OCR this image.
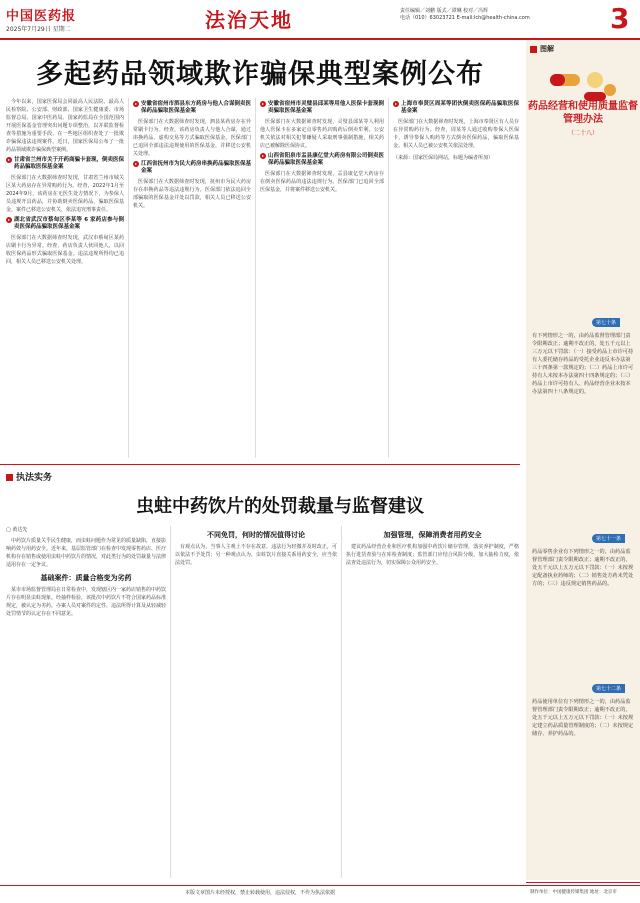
中国医药报
2025年7月29日 星期二	法治天地	责任编辑／刘鹏 版式／谭琳 校对／冯辉
电话（010）63023721 E-mail:lch@health-china.com	3
多起药品领域欺诈骗保典型案例公布

今年以来，国家医保局会同最高人民法院、最高人民检察院、公安部、财政部、国家卫生健康委、市场监督总局、国家中医药局、国家药监局在全国范围内开展医保基金管理突出问题专项整治，以并联监督检查等措施为重要手段，在一些地区组织查处了一批欺诈骗保违法违规案件。近日，国家医保局公布了一批药品领域欺诈骗保典型案例。

▸ 甘肃省兰州市关于开药商骗卡套现，倒卖医保药品骗取医保基金案

医保部门在大数据筛查时发现，甘肃省兰州市城关区某大药房存在异常购药行为。经查，2022年1月至2024年9月，该药房在无医生处方情况下，为参保人员违规开具药品，并协助倒卖医保药品，骗取医保基金。案件已移送公安机关，依法追究刑事责任。

▸ 湖北省武汉市蔡甸区李某等 6 家药店参与倒卖医保药品骗取医保基金案

医保部门在大数据筛查时发现，武汉市蔡甸区某药店刷卡行为异常。经查，药店负责人伙同他人，以回收医保药品形式骗取医保基金。违法违规所得均已追回，相关人员已移送公安机关处理。

▸ 安徽省宿州市泗县东方药房与他人合谋倒卖医保药品骗取医保基金案

医保部门在大数据筛查时发现，泗县某药房存在异常刷卡行为。经查，该药房负责人与他人合谋，通过串换药品、虚构交易等方式骗取医保基金。医保部门已追回全部违法违规使用的医保基金，并移送公安机关处理。

▸ 江西省抚州市为民大药房串换药品骗取医保基金案

医保部门在大数据筛查时发现，抚州市为民大药房存在串换药品等违法违规行为。医保部门依法追回全部骗取的医保基金并处以罚款，相关人员已移送公安机关。

▸ 安徽省宿州市灵璧县邱某等用他人医保卡套现倒卖骗取医保基金案

医保部门在大数据筛查时发现，灵璧县邱某等人利用他人医保卡在多家定点零售药店购药后倒卖牟利。公安机关依法对相关犯罪嫌疑人采取刑事强制措施，相关药店已被解除医保协议。

▸ 山西省阳泉市盂县康亿堂大药房有限公司倒卖医保药品骗取医保基金案

医保部门在大数据筛查时发现，盂县康亿堂大药房存在倒卖医保药品的违法违规行为。医保部门已追回全部医保基金，并将案件移送公安机关。

▸ 上海市奉贤区周某等团伙倒卖医保药品骗取医保基金案

医保部门在大数据筛查时发现，上海市奉贤区有人员存在异常购药行为。经查，周某等人通过收购参保人医保卡、诱导参保人购药等方式倒卖医保药品，骗取医保基金。相关人员已被公安机关依法处理。

（来源：国家医保局网站，标题为编者所加）

执法实务
虫蛀中药饮片的处罚裁量与监督建议

▢ 黄达先

中药饮片质量关乎民生健康，而虫蛀问题作为常见的质量缺陷，直接影响药效与用药安全。近年来，基层监管部门在检查中发现零售药店、医疗机构存在销售或使用虫蛀中药饮片的情况，对此类行为的处罚裁量与法律适用存在一定争议。

基础案件：质量合格变为劣药

某市市场监督管理局在日常检查中，发现辖区内一家药店销售的中药饮片存在明显虫蛀现象。经抽样检验，该批次中药饮片不符合国家药品标准规定，被认定为劣药。办案人员对案件的定性、违法所得计算及从轻减轻处罚情节的认定存在不同意见。

不同免罚，何时的情况值得讨论

有观点认为，当事人主观上不存在故意，违法行为轻微并及时改正，可以依法不予处罚；另一种观点认为，虫蛀饮片直接关系用药安全，应当依法处罚。

加强管理，保障消费者用药安全

建议药品经营企业和医疗机构加强中药饮片储存管理，落实养护制度，严格执行进货查验与在库检查制度；监管部门应结合风险分级，加大抽检力度，依法查处违法行为，切实保障公众用药安全。

图解
药品经营和使用质量监督管理办法
（二十八）
第七十条

有下列情形之一的，由药品监督管理部门责令限期改正；逾期不改正的，处五千元以上三万元以下罚款：（一）接受药品上市许可持有人委托储存药品的受托企业违反本办法第三十四条第一款规定的；（二）药品上市许可持有人未按本办法第四十四条规定的；（三）药品上市许可持有人、药品经营企业未按本办法第四十八条规定的。

第七十一条

药品零售企业有下列情形之一的，由药品监督管理部门责令限期改正；逾期不改正的，处五千元以上五万元以下罚款：（一）未按规定配备执业药师的；（二）销售处方药未凭处方的；（三）违反规定销售药品的。

第七十二条

药品使用单位有下列情形之一的，由药品监督管理部门责令限期改正；逾期不改正的，处五千元以上五万元以下罚款：（一）未按规定建立药品质量管理制度的；（二）未按规定储存、养护药品的。

本版文章图片未经授权，禁止转载使用，违法侵权，不作为执法依据	制作单位：中国健康传媒集团 地址：北京市
